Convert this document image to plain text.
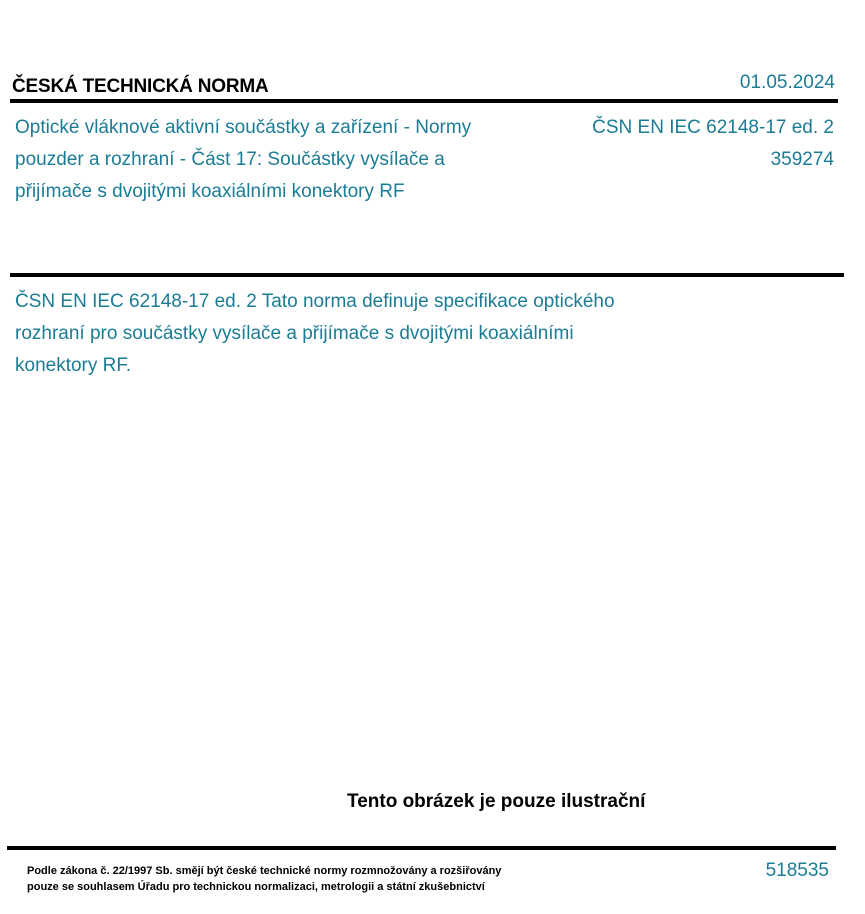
ČESKÁ TECHNICKÁ NORMA	01.05.2024
Optické vláknové aktivní součástky a zařízení - Normy pouzder a rozhraní - Část 17: Součástky vysílače a přijímače s dvojitými koaxiálními konektory RF
ČSN EN IEC 62148-17 ed. 2
359274
ČSN EN IEC 62148-17 ed. 2 Tato norma definuje specifikace optického rozhraní pro součástky vysílače a přijímače s dvojitými koaxiálními konektory RF.
Tento obrázek je pouze ilustrační
Podle zákona č. 22/1997 Sb. smějí být české technické normy rozmnožovány a rozšiřovány
pouze se souhlasem Úřadu pro technickou normalizaci, metrologii a státní zkušebnictví
518535
